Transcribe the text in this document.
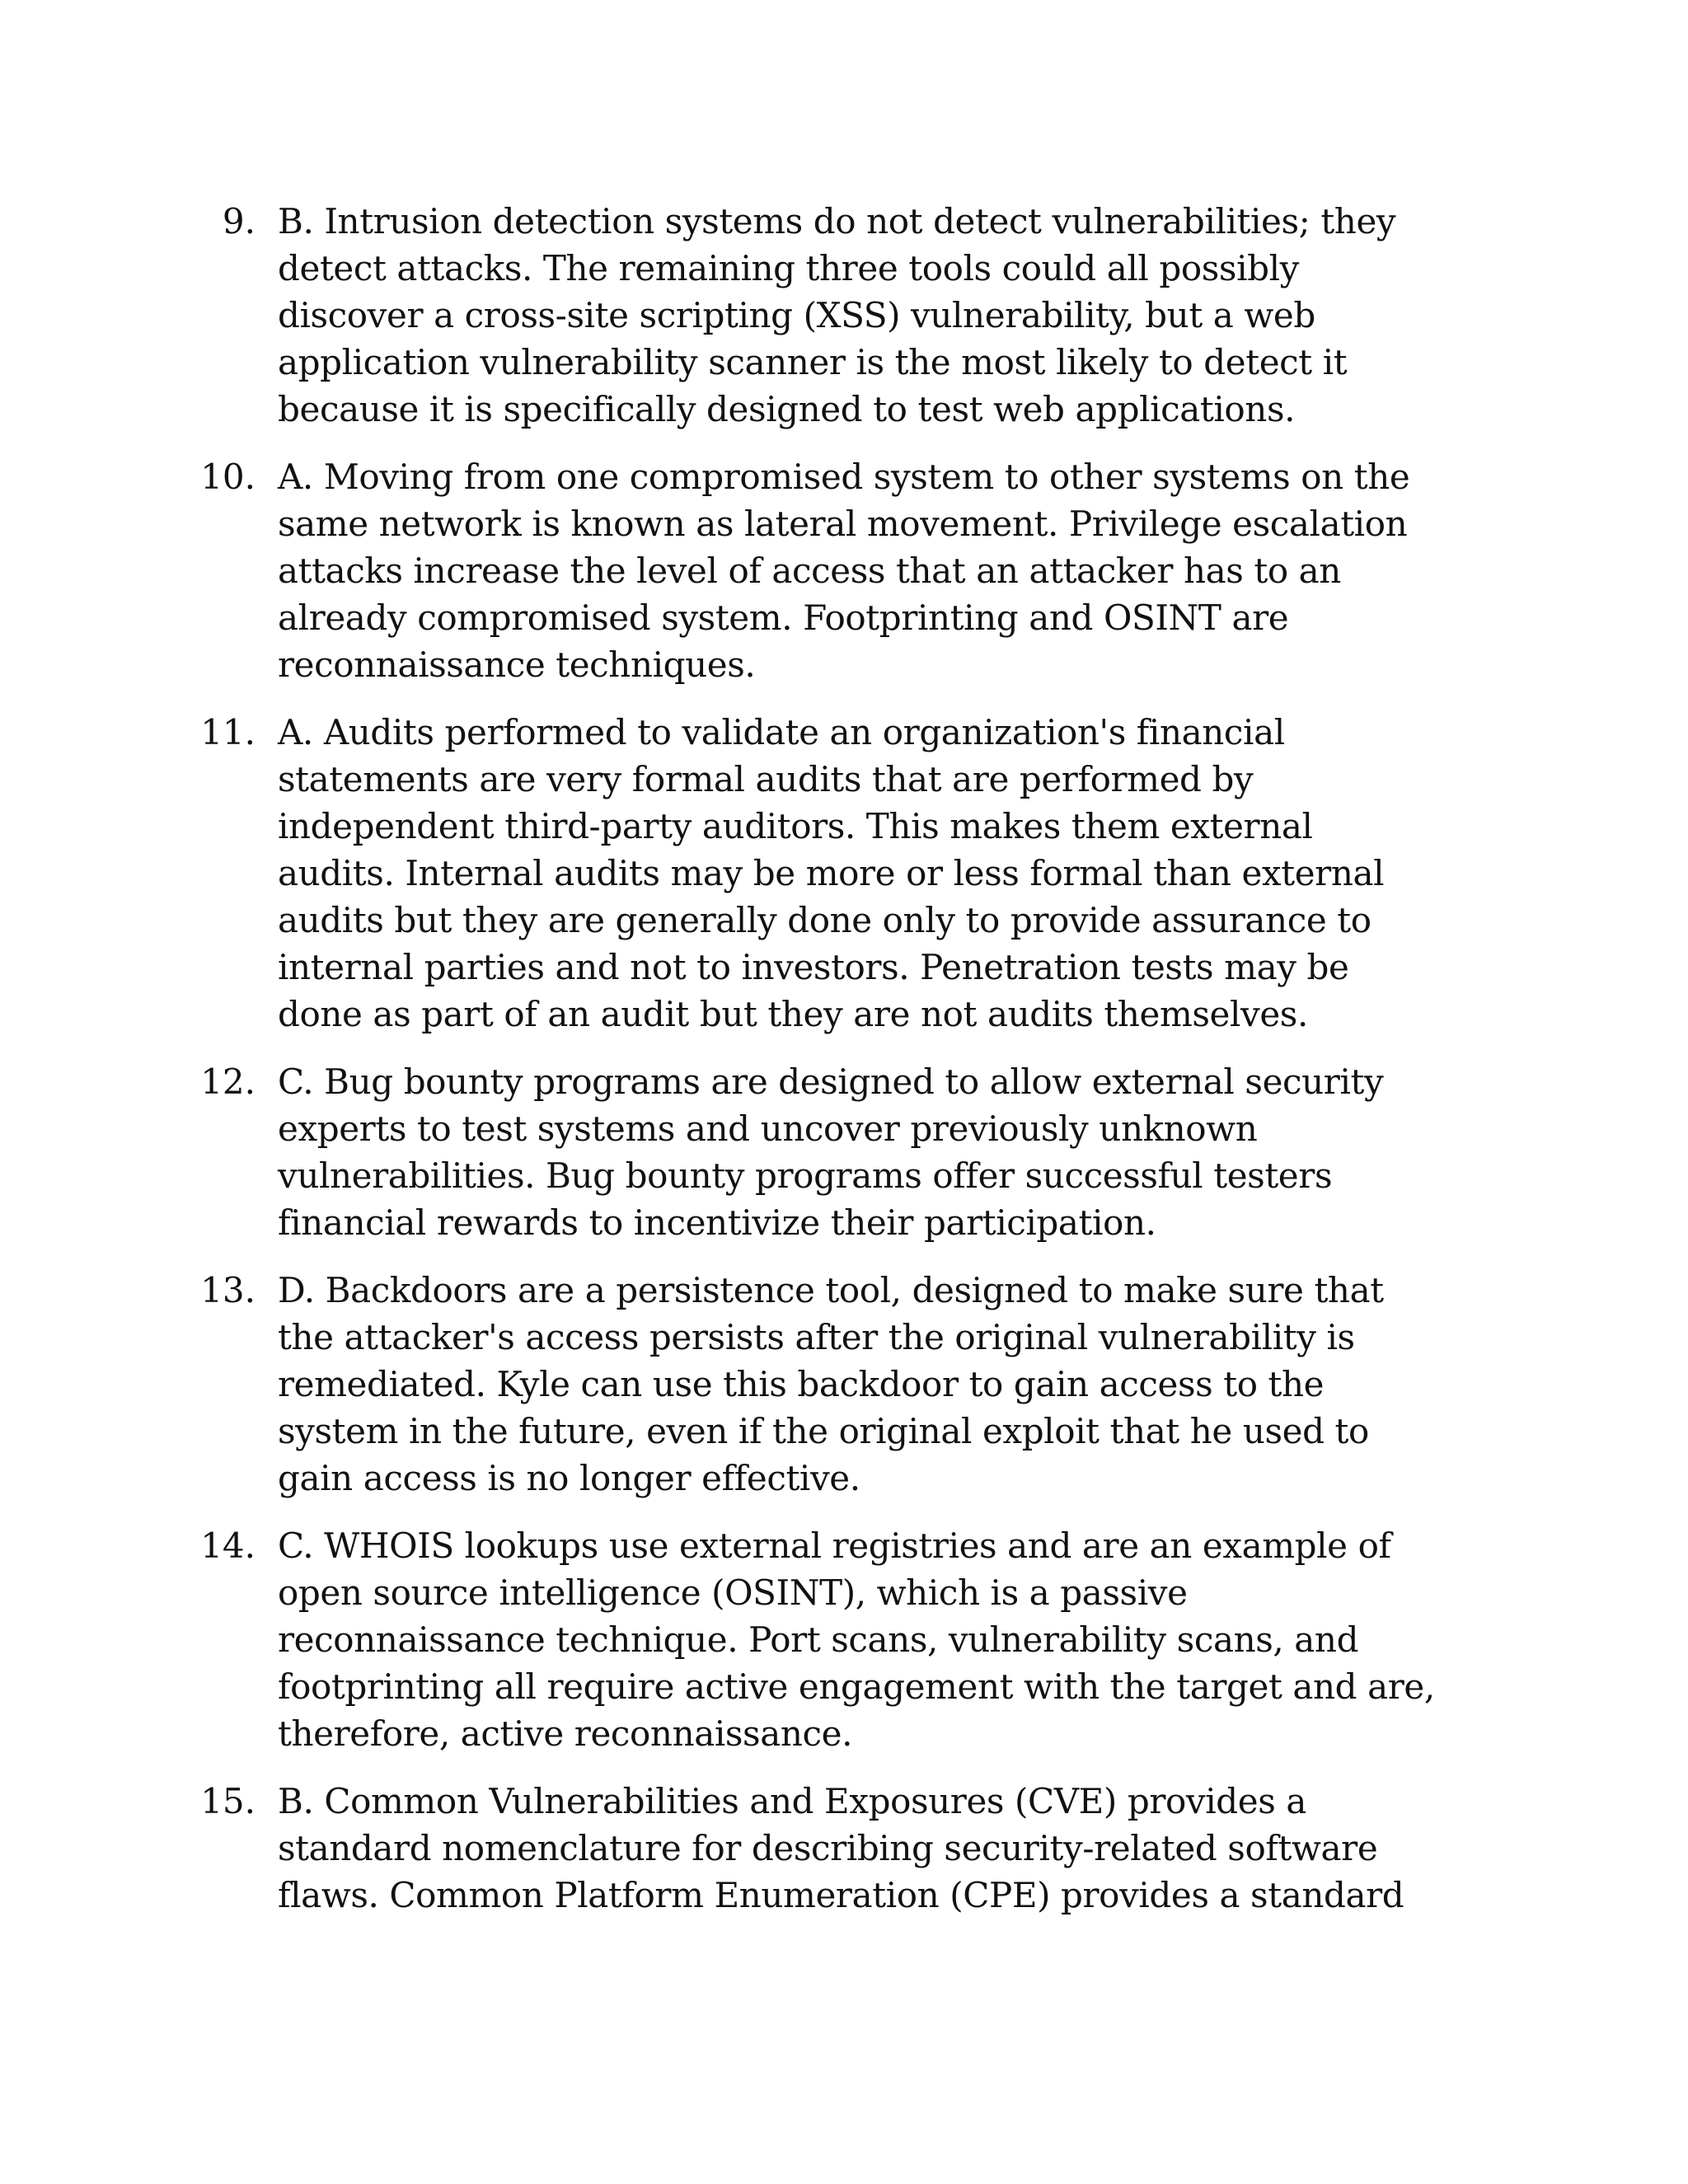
9. B. Intrusion detection systems do not detect vulnerabilities; they
detect attacks. The remaining three tools could all possibly
discover a cross-site scripting (XSS) vulnerability, but a web
application vulnerability scanner is the most likely to detect it
because it is specifically designed to test web applications.
10. A. Moving from one compromised system to other systems on the
same network is known as lateral movement. Privilege escalation
attacks increase the level of access that an attacker has to an
already compromised system. Footprinting and OSINT are
reconnaissance techniques.
11. A. Audits performed to validate an organization's financial
statements are very formal audits that are performed by
independent third-party auditors. This makes them external
audits. Internal audits may be more or less formal than external
audits but they are generally done only to provide assurance to
internal parties and not to investors. Penetration tests may be
done as part of an audit but they are not audits themselves.
12. C. Bug bounty programs are designed to allow external security
experts to test systems and uncover previously unknown
vulnerabilities. Bug bounty programs offer successful testers
financial rewards to incentivize their participation.
13. D. Backdoors are a persistence tool, designed to make sure that
the attacker's access persists after the original vulnerability is
remediated. Kyle can use this backdoor to gain access to the
system in the future, even if the original exploit that he used to
gain access is no longer effective.
14. C. WHOIS lookups use external registries and are an example of
open source intelligence (OSINT), which is a passive
reconnaissance technique. Port scans, vulnerability scans, and
footprinting all require active engagement with the target and are,
therefore, active reconnaissance.
15. B. Common Vulnerabilities and Exposures (CVE) provides a
standard nomenclature for describing security-related software
flaws. Common Platform Enumeration (CPE) provides a standard
